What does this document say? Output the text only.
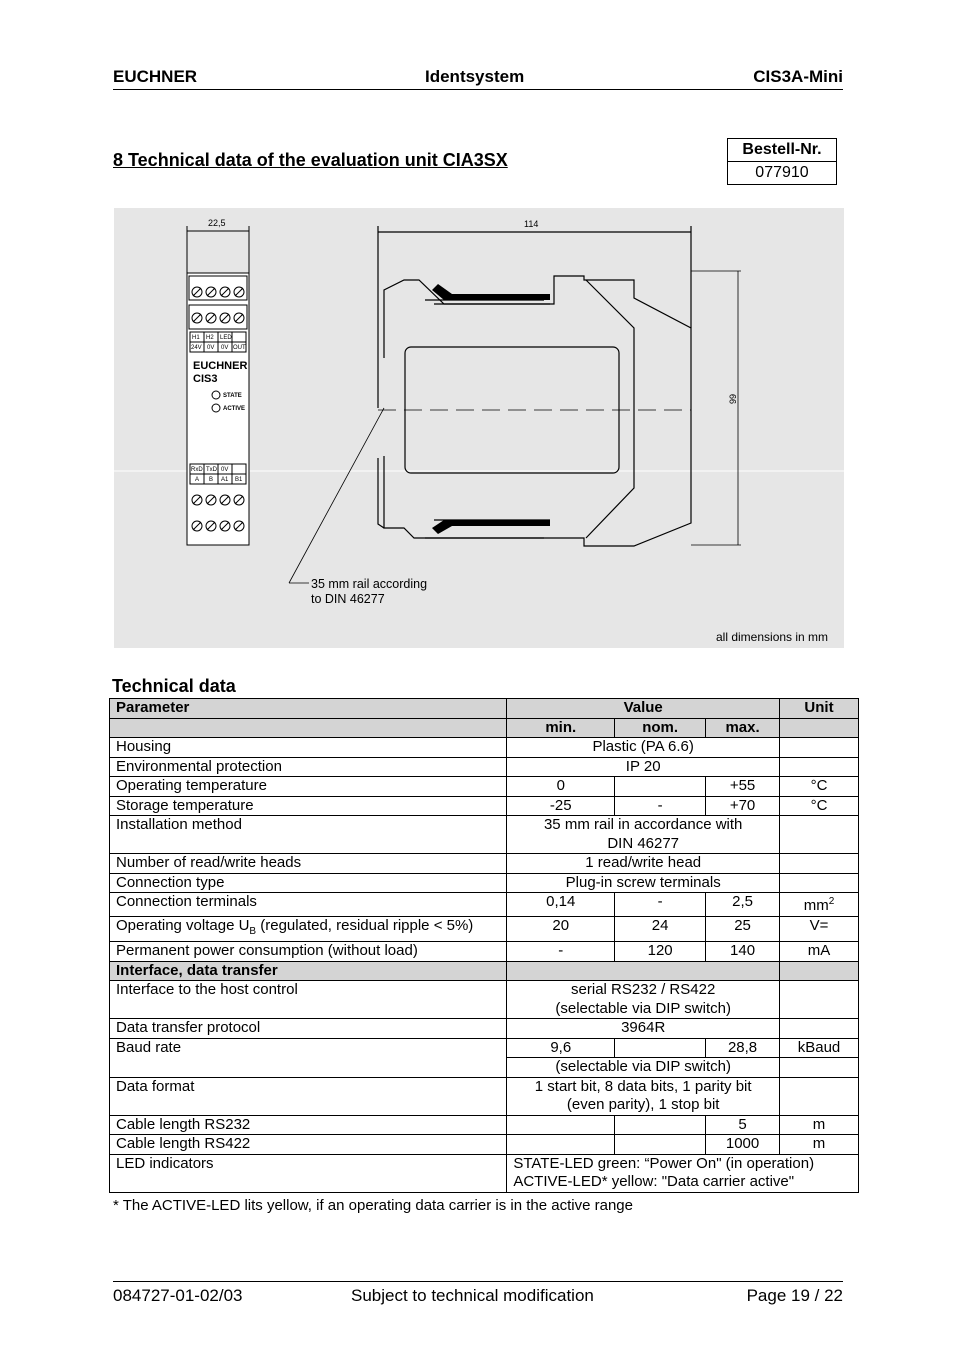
EUCHNER	Identsystem	CIS3A-Mini
8 Technical data of the evaluation unit CIA3SX
Bestell-Nr.
077910
H1 H2 LED
24V 0V 0V OUT
RxD TxD 0V
A B A1 B1
STATE
ACTIVE
EUCHNER
CIS3
22,5	114
99
35 mm rail according
to DIN 46277
all dimensions in mm
Technical data
Parameter	Value			Unit
	min.	nom.	max.	
Housing	Plastic (PA 6.6)			
Environmental protection	IP 20			
Operating temperature	0		+55	°C
Storage temperature	-25	-	+70	°C
Installation method	35 mm rail in accordance with
DIN 46277			
Number of read/write heads	1 read/write head			
Connection type	Plug-in screw terminals			
Connection terminals	0,14	-	2,5	$mm^2$
Operating voltage $U_B$ (regulated, residual ripple < 5%)	20	24	25	V=
Permanent power consumption (without load)	-	120	140	mA
Interface, data transfer				
Interface to the host control	serial RS232 / RS422
(selectable via DIP switch)			
Data transfer protocol	3964R			
Baud rate	9,6		28,8	kBaud
	(selectable via DIP switch)			
Data format	1 start bit, 8 data bits, 1 parity bit
(even parity), 1 stop bit			
Cable length RS232			5	m
Cable length RS422			1000	m
LED indicators	STATE-LED green: “Power On" (in operation)
ACTIVE-LED* yellow: "Data carrier active"			
* The ACTIVE-LED lits yellow, if an operating data carrier is in the active range
084727-01-02/03	Subject to technical modification	Page 19 / 22
